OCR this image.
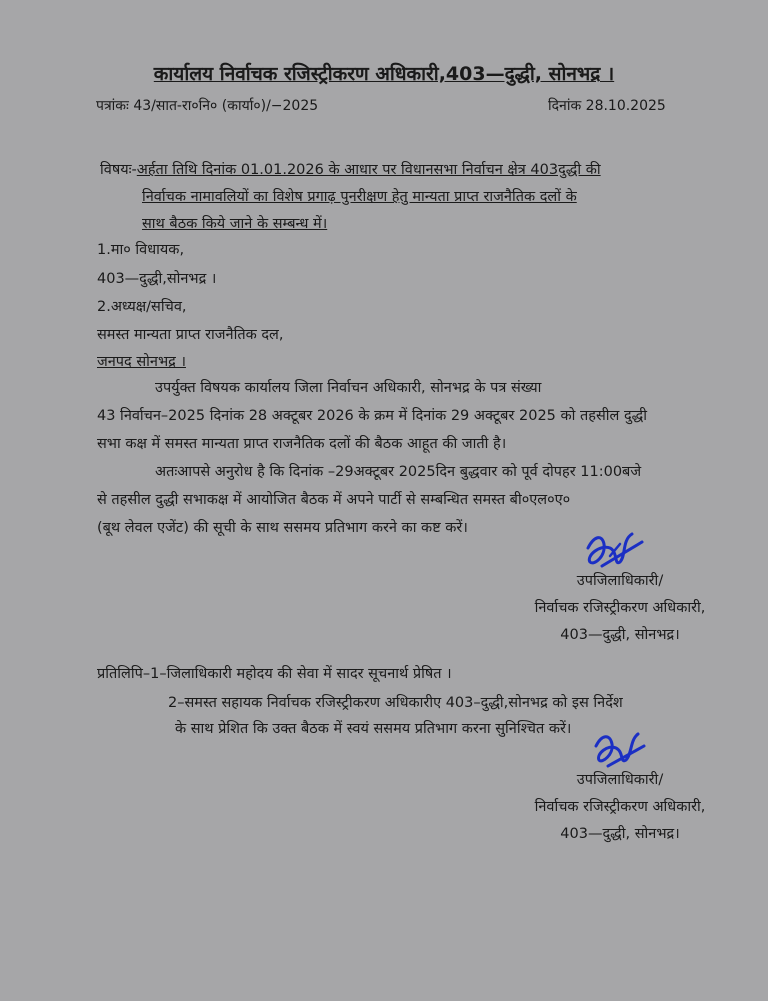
कार्यालय निर्वाचक रजिस्ट्रीकरण अधिकारी,403—दुद्धी, सोनभद्र ।
पत्रांकः 43/सात-रा०नि० (कार्या०)/−2025	दिनांक 28.10.2025
विषयः-अर्हता तिथि दिनांक 01.01.2026 के आधार पर विधानसभा निर्वाचन क्षेत्र 403दुद्धी की
निर्वाचक नामावलियों का विशेष प्रगाढ़ पुनरीक्षण हेतु मान्यता प्राप्त राजनैतिक दलों के
साथ बैठक किये जाने के सम्बन्ध में।
1.मा० विधायक,
403—दुद्धी,सोनभद्र ।
2.अध्यक्ष/सचिव,
समस्त मान्यता प्राप्त राजनैतिक दल,
जनपद सोनभद्र ।
उपर्युक्त विषयक कार्यालय जिला निर्वाचन अधिकारी, सोनभद्र के पत्र संख्या
43 निर्वाचन–2025 दिनांक 28 अक्टूबर 2026 के क्रम में दिनांक 29 अक्टूबर 2025 को तहसील दुद्धी
सभा कक्ष में समस्त मान्यता प्राप्त राजनैतिक दलों की बैठक आहूत की जाती है।
अतःआपसे अनुरोध है कि दिनांक –29अक्टूबर 2025दिन बुद्धवार को पूर्व दोपहर 11:00बजे
से तहसील दुद्धी सभाकक्ष में आयोजित बैठक में अपने पार्टी से सम्बन्धित समस्त बी०एल०ए०
(बूथ लेवल एजेंट) की सूची के साथ ससमय प्रतिभाग करने का कष्ट करें।
उपजिलाधिकारी/
निर्वाचक रजिस्ट्रीकरण अधिकारी,
403—दुद्धी, सोनभद्र।
प्रतिलिपि–1–जिलाधिकारी महोदय की सेवा में सादर सूचनार्थ प्रेषित ।
2–समस्त सहायक निर्वाचक रजिस्ट्रीकरण अधिकारीए 403–दुद्धी,सोनभद्र को इस निर्देश
के साथ प्रेशित कि उक्त बैठक में स्वयं ससमय प्रतिभाग करना सुनिश्चित करें।
उपजिलाधिकारी/
निर्वाचक रजिस्ट्रीकरण अधिकारी,
403—दुद्धी, सोनभद्र।
